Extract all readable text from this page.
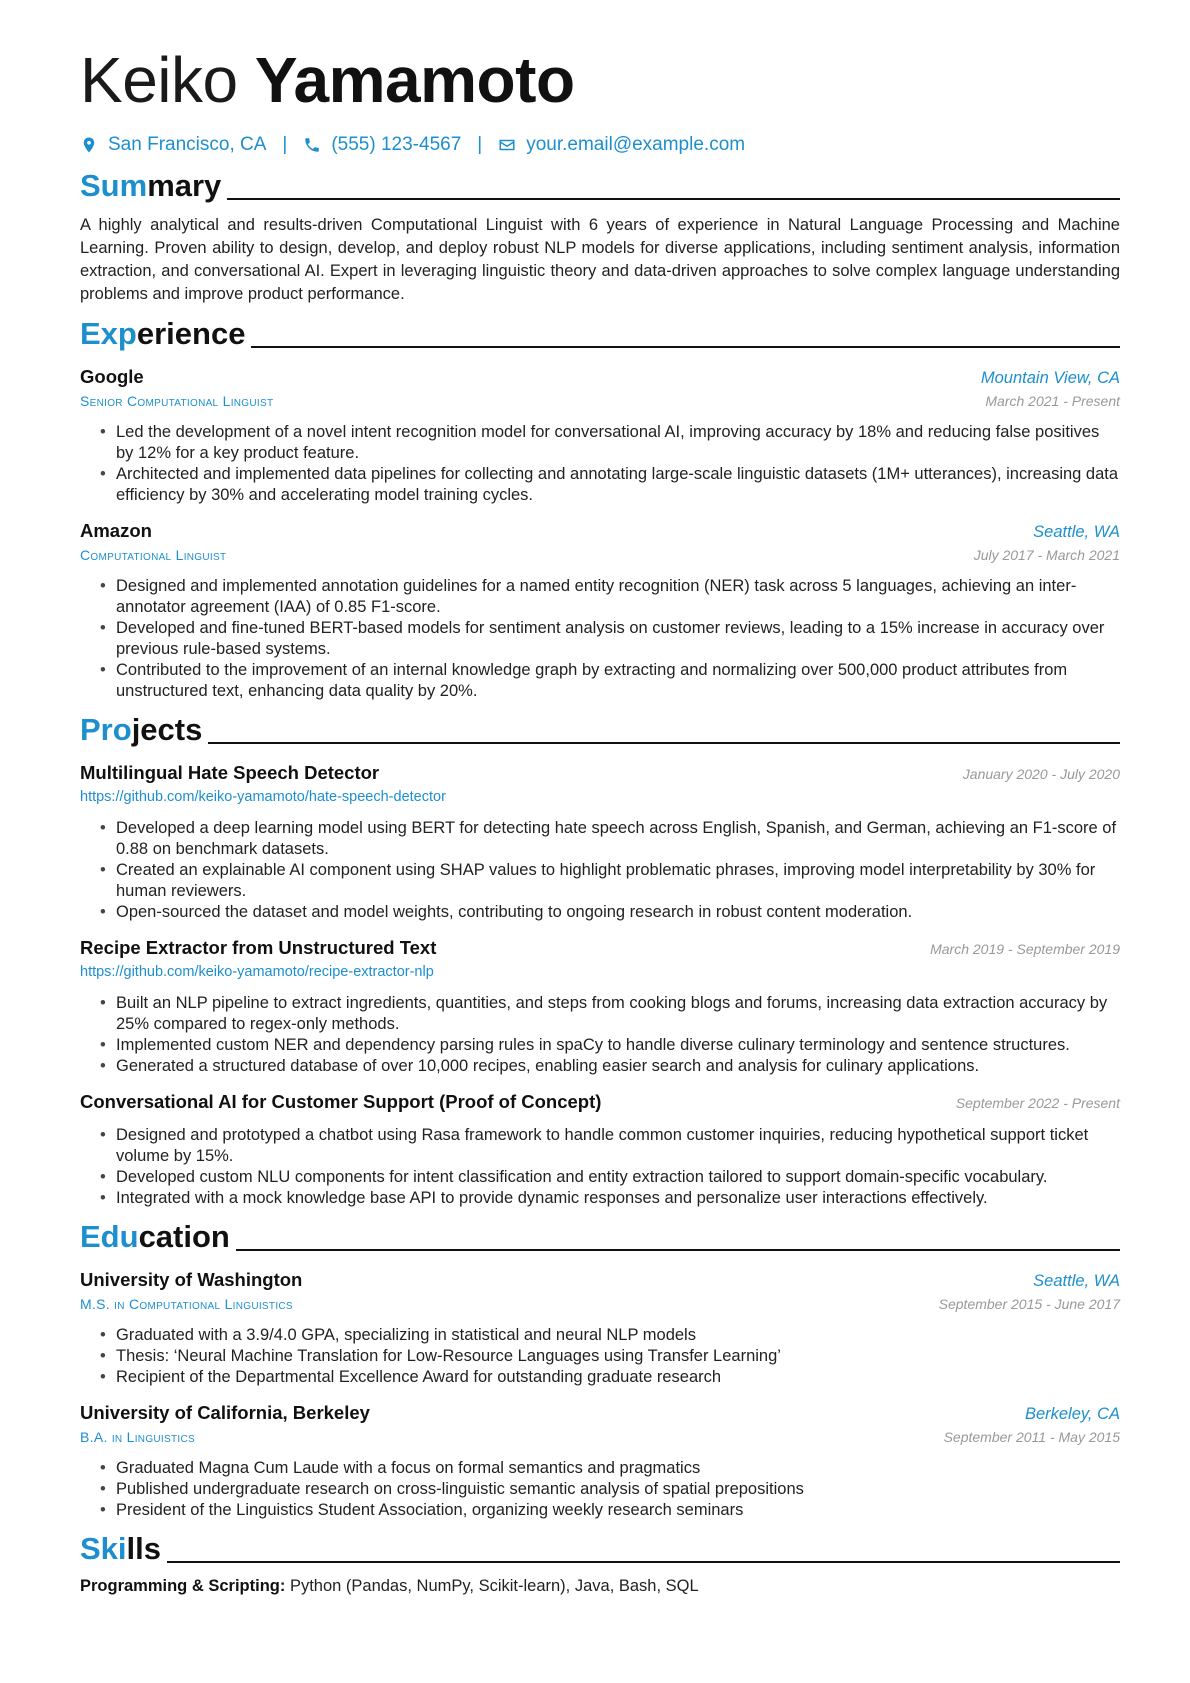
Keiko Yamamoto
San Francisco, CA | (555) 123-4567 | your.email@example.com
Summary
A highly analytical and results-driven Computational Linguist with 6 years of experience in Natural Language Processing and Machine Learning. Proven ability to design, develop, and deploy robust NLP models for diverse applications, including sentiment analysis, information extraction, and conversational AI. Expert in leveraging linguistic theory and data-driven approaches to solve complex language understanding problems and improve product performance.
Experience
Google	Mountain View, CA
Senior Computational Linguist	March 2021 - Present
• Led the development of a novel intent recognition model for conversational AI, improving accuracy by 18% and reducing false positives by 12% for a key product feature.
• Architected and implemented data pipelines for collecting and annotating large-scale linguistic datasets (1M+ utterances), increasing data efficiency by 30% and accelerating model training cycles.
Amazon	Seattle, WA
Computational Linguist	July 2017 - March 2021
• Designed and implemented annotation guidelines for a named entity recognition (NER) task across 5 languages, achieving an inter-annotator agreement (IAA) of 0.85 F1-score.
• Developed and fine-tuned BERT-based models for sentiment analysis on customer reviews, leading to a 15% increase in accuracy over previous rule-based systems.
• Contributed to the improvement of an internal knowledge graph by extracting and normalizing over 500,000 product attributes from unstructured text, enhancing data quality by 20%.
Projects
Multilingual Hate Speech Detector	January 2020 - July 2020
https://github.com/keiko-yamamoto/hate-speech-detector
• Developed a deep learning model using BERT for detecting hate speech across English, Spanish, and German, achieving an F1-score of 0.88 on benchmark datasets.
• Created an explainable AI component using SHAP values to highlight problematic phrases, improving model interpretability by 30% for human reviewers.
• Open-sourced the dataset and model weights, contributing to ongoing research in robust content moderation.
Recipe Extractor from Unstructured Text	March 2019 - September 2019
https://github.com/keiko-yamamoto/recipe-extractor-nlp
• Built an NLP pipeline to extract ingredients, quantities, and steps from cooking blogs and forums, increasing data extraction accuracy by 25% compared to regex-only methods.
• Implemented custom NER and dependency parsing rules in spaCy to handle diverse culinary terminology and sentence structures.
• Generated a structured database of over 10,000 recipes, enabling easier search and analysis for culinary applications.
Conversational AI for Customer Support (Proof of Concept)	September 2022 - Present
• Designed and prototyped a chatbot using Rasa framework to handle common customer inquiries, reducing hypothetical support ticket volume by 15%.
• Developed custom NLU components for intent classification and entity extraction tailored to support domain-specific vocabulary.
• Integrated with a mock knowledge base API to provide dynamic responses and personalize user interactions effectively.
Education
University of Washington	Seattle, WA
M.S. in Computational Linguistics	September 2015 - June 2017
• Graduated with a 3.9/4.0 GPA, specializing in statistical and neural NLP models
• Thesis: ‘Neural Machine Translation for Low-Resource Languages using Transfer Learning’
• Recipient of the Departmental Excellence Award for outstanding graduate research
University of California, Berkeley	Berkeley, CA
B.A. in Linguistics	September 2011 - May 2015
• Graduated Magna Cum Laude with a focus on formal semantics and pragmatics
• Published undergraduate research on cross-linguistic semantic analysis of spatial prepositions
• President of the Linguistics Student Association, organizing weekly research seminars
Skills
Programming & Scripting: Python (Pandas, NumPy, Scikit-learn), Java, Bash, SQL
